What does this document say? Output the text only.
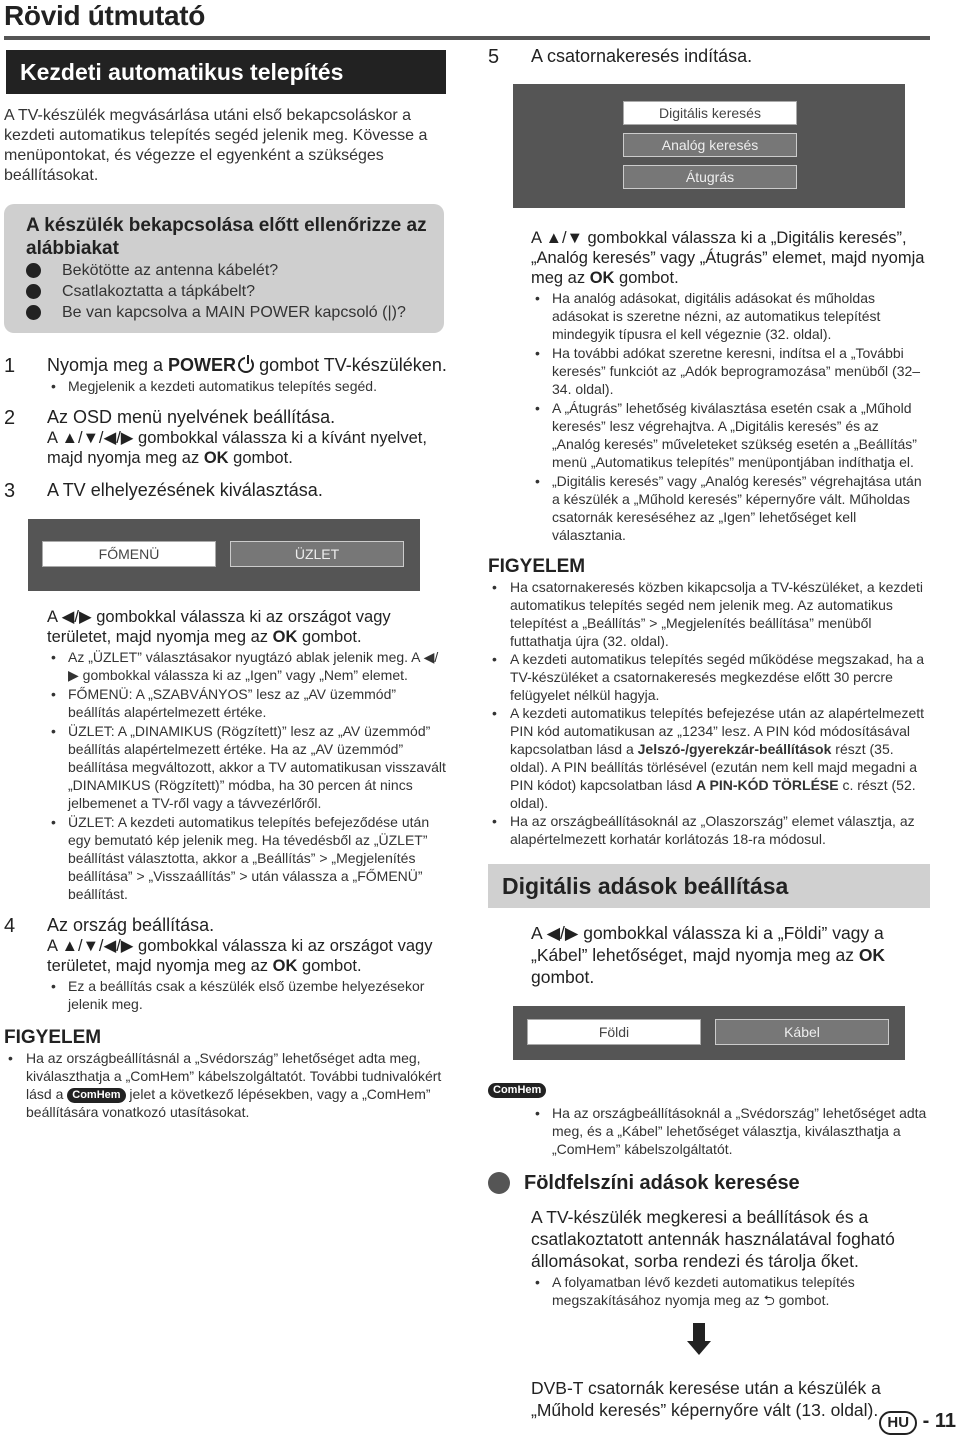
Rövid útmutató
Kezdeti automatikus telepítés

A TV-készülék megvásárlása utáni első bekapcsoláskor a kezdeti automatikus telepítés segéd jelenik meg. Kövesse a menüpontokat, és végezze el egyenként a szükséges beállításokat.

A készülék bekapcsolása előtt ellenőrizze az alábbiakat
Bekötötte az antenna kábelét?
Csatlakoztatta a tápkábelt?
Be van kapcsolva a MAIN POWER kapcsoló (|)?
1 Nyomja meg a POWER
gombot TV-készüléken.
• Megjelenik a kezdeti automatikus telepítés segéd.
2 Az OSD menü nyelvének beállítása.
A ▲/▼/◀/▶ gombokkal válassza ki a kívánt nyelvet, majd nyomja meg az OK gombot.
3 A TV elhelyezésének kiválasztása.
FŐMENÜ	ÜZLET
A ◀/▶ gombokkal válassza ki az országot vagy területet, majd nyomja meg az OK gombot.
• Az „ÜZLET” választásakor nyugtázó ablak jelenik meg. A ◀/▶ gombokkal válassza ki az „Igen” vagy „Nem” elemet.
• FŐMENÜ: A „SZABVÁNYOS” lesz az „AV üzemmód” beállítás alapértelmezett értéke.
• ÜZLET: A „DINAMIKUS (Rögzített)” lesz az „AV üzemmód” beállítás alapértelmezett értéke. Ha az „AV üzemmód” beállítása megváltozott, akkor a TV automatikusan visszavált „DINAMIKUS (Rögzített)” módba, ha 30 percen át nincs jelbemenet a TV-ről vagy a távvezérlőről.
• ÜZLET: A kezdeti automatikus telepítés befejeződése után egy bemutató kép jelenik meg. Ha tévedésből az „ÜZLET” beállítást választotta, akkor a „Beállítás” > „Megjelenítés beállítása” > „Visszaállítás” > után válassza a „FŐMENÜ” beállítást.
4 Az ország beállítása.
A ▲/▼/◀/▶ gombokkal válassza ki az országot vagy területet, majd nyomja meg az OK gombot.
• Ez a beállítás csak a készülék első üzembe helyezésekor jelenik meg.
FIGYELEM
• Ha az országbeállításnál a „Svédország” lehetőséget adta meg, kiválaszthatja a „ComHem” kábelszolgáltatót. További tudnivalókért lásd a ComHem jelet a következő lépésekben, vagy a „ComHem” beállítására vonatkozó utasításokat.
5 A csatornakeresés indítása.
Digitális keresés
Analóg keresés
Átugrás
A ▲/▼ gombokkal válassza ki a „Digitális keresés”, „Analóg keresés” vagy „Átugrás” elemet, majd nyomja meg az OK gombot.
• Ha analóg adásokat, digitális adásokat és műholdas adásokat is szeretne nézni, az automatikus telepítést mindegyik típusra el kell végeznie (32. oldal).
• Ha további adókat szeretne keresni, indítsa el a „További keresés” funkciót az „Adók beprogramozása” menüből (32–34. oldal).
• A „Átugrás” lehetőség kiválasztása esetén csak a „Műhold keresés” lesz végrehajtva. A „Digitális keresés” és az „Analóg keresés” műveleteket szükség esetén a „Beállítás” menü „Automatikus telepítés” menüpontjában indíthatja el.
• „Digitális keresés” vagy „Analóg keresés” végrehajtása után a készülék a „Műhold keresés” képernyőre vált. Műholdas csatornák kereséséhez az „Igen” lehetőséget kell választania.
FIGYELEM
• Ha csatornakeresés közben kikapcsolja a TV-készüléket, a kezdeti automatikus telepítés segéd nem jelenik meg. Az automatikus telepítést a „Beállítás” > „Megjelenítés beállítása” menüből futtathatja újra (32. oldal).
• A kezdeti automatikus telepítés segéd működése megszakad, ha a TV-készüléket a csatornakeresés megkezdése előtt 30 percre felügyelet nélkül hagyja.
• A kezdeti automatikus telepítés befejezése után az alapértelmezett PIN kód automatikusan az „1234” lesz. A PIN kód módosításával kapcsolatban lásd a Jelszó-/gyerekzár-beállítások részt (35. oldal). A PIN beállítás törlésével (ezután nem kell majd megadni a PIN kódot) kapcsolatban lásd A PIN-KÓD TÖRLÉSE c. részt (52. oldal).
• Ha az országbeállításoknál az „Olaszország” elemet választja, az alapértelmezett korhatár korlátozás 18-ra módosul.
Digitális adások beállítása
A ◀/▶ gombokkal válassza ki a „Földi” vagy a „Kábel” lehetőséget, majd nyomja meg az OK gombot.
Földi	Kábel
ComHem
• Ha az országbeállításoknál a „Svédország” lehetőséget adta meg, és a „Kábel” lehetőséget választja, kiválaszthatja a „ComHem” kábelszolgáltatót.
Földfelszíni adások keresése
A TV-készülék megkeresi a beállítások és a csatlakoztatott antennák használatával fogható állomásokat, sorba rendezi és tárolja őket.
• A folyamatban lévő kezdeti automatikus telepítés megszakításához nyomja meg az ⮌ gombot.
DVB-T csatornák keresése után a készülék a „Műhold keresés” képernyőre vált (13. oldal).
HU - 11
